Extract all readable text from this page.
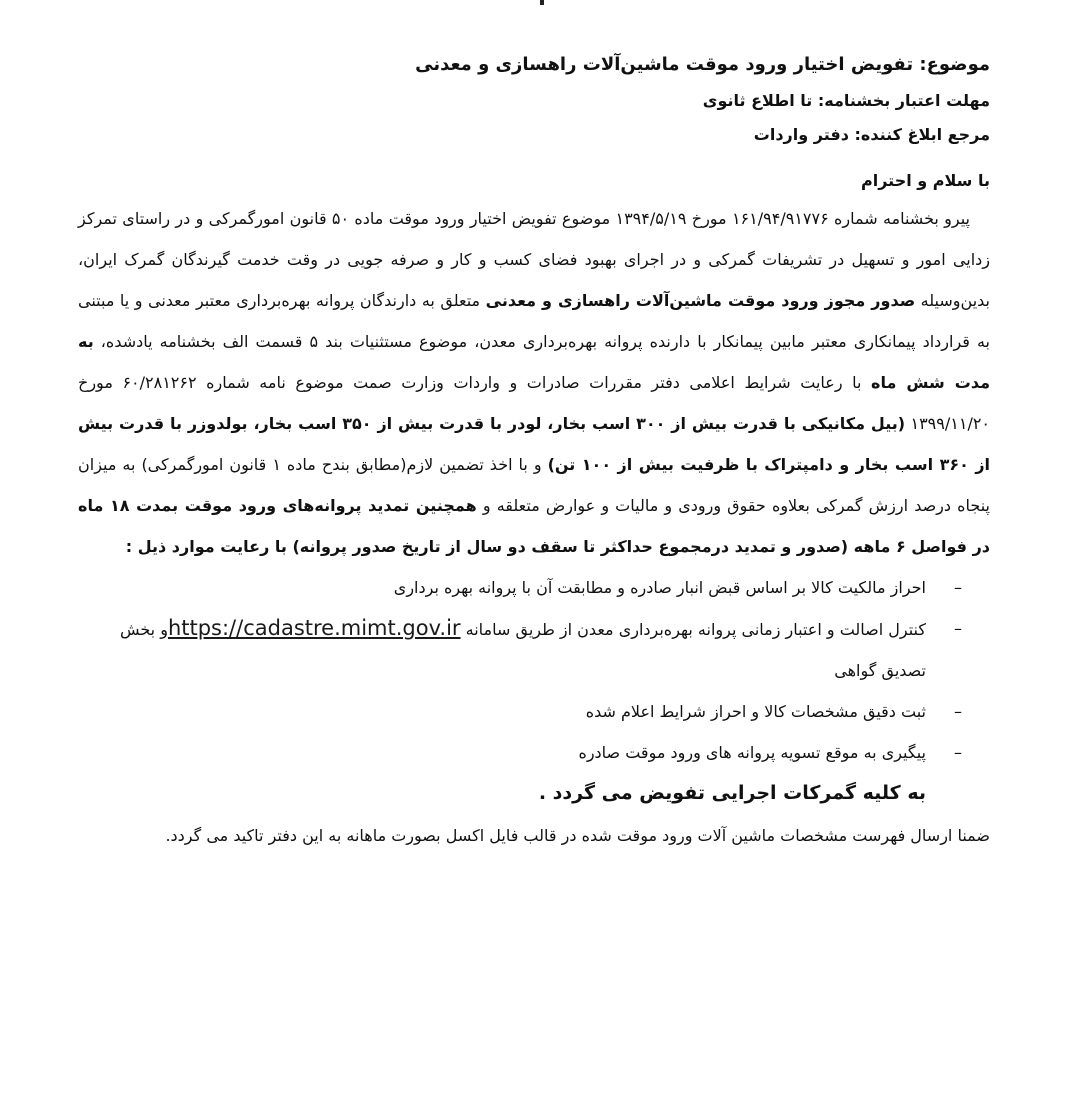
موضوع: تفویض اختیار ورود موقت ماشین‌آلات راهسازی و معدنی
مهلت اعتبار بخشنامه: تا اطلاع ثانوی
مرجع ابلاغ کننده: دفتر واردات
با سلام و احترام
پیرو بخشنامه شماره ۱۶۱/۹۴/۹۱۷۷۶ مورخ ۱۳۹۴/۵/۱۹ موضوع تفویض اختیار ورود موقت ماده ۵۰ قانون امورگمرکی و در راستای تمرکز زدایی امور و تسهیل در تشریفات گمرکی و در اجرای بهبود فضای کسب و کار و صرفه جویی در وقت خدمت گیرندگان گمرک ایران، بدین‌وسیله صدور مجوز ورود موقت ماشین‌آلات راهسازی و معدنی متعلق به دارندگان پروانه بهره‌برداری معتبر معدنی و یا مبتنی به قرارداد پیمانکاری معتبر مابین پیمانکار با دارنده پروانه بهره‌برداری معدن، موضوع مستثنیات بند ۵ قسمت الف بخشنامه یادشده، به مدت شش ماه با رعایت شرایط اعلامی دفتر مقررات صادرات و واردات وزارت صمت موضوع نامه شماره ۶۰/۲۸۱۲۶۲ مورخ ۱۳۹۹/۱۱/۲۰ (بیل مکانیکی با قدرت بیش از ۳۰۰ اسب بخار، لودر با قدرت بیش از ۳۵۰ اسب بخار، بولدوزر با قدرت بیش از ۳۶۰ اسب بخار و دامپتراک با ظرفیت بیش از ۱۰۰ تن) و با اخذ تضمین لازم(مطابق بندح ماده ۱ قانون امورگمرکی) به میزان پنجاه درصد ارزش گمرکی بعلاوه حقوق ورودی و مالیات و عوارض متعلقه و همچنین تمدید پروانه‌های ورود موقت بمدت ۱۸ ماه در فواصل ۶ ماهه (صدور و تمدید درمجموع حداکثر تا سقف دو سال از تاریخ صدور پروانه) با رعایت موارد ذیل :
–
احراز مالکیت کالا بر اساس قبض انبار صادره و مطابقت آن با پروانه بهره برداری
–
کنترل اصالت و اعتبار زمانی پروانه بهره‌برداری معدن از طریق سامانه https://cadastre.mimt.gov.irو بخش تصدیق گواهی
–
ثبت دقیق مشخصات کالا و احراز شرایط اعلام شده
–
پیگیری به موقع تسویه پروانه های ورود موقت صادره
به کلیه گمرکات اجرایی تفویض می گردد .
ضمنا ارسال فهرست مشخصات ماشین آلات ورود موقت شده در قالب فایل اکسل بصورت ماهانه به این دفتر تاکید می گردد.
